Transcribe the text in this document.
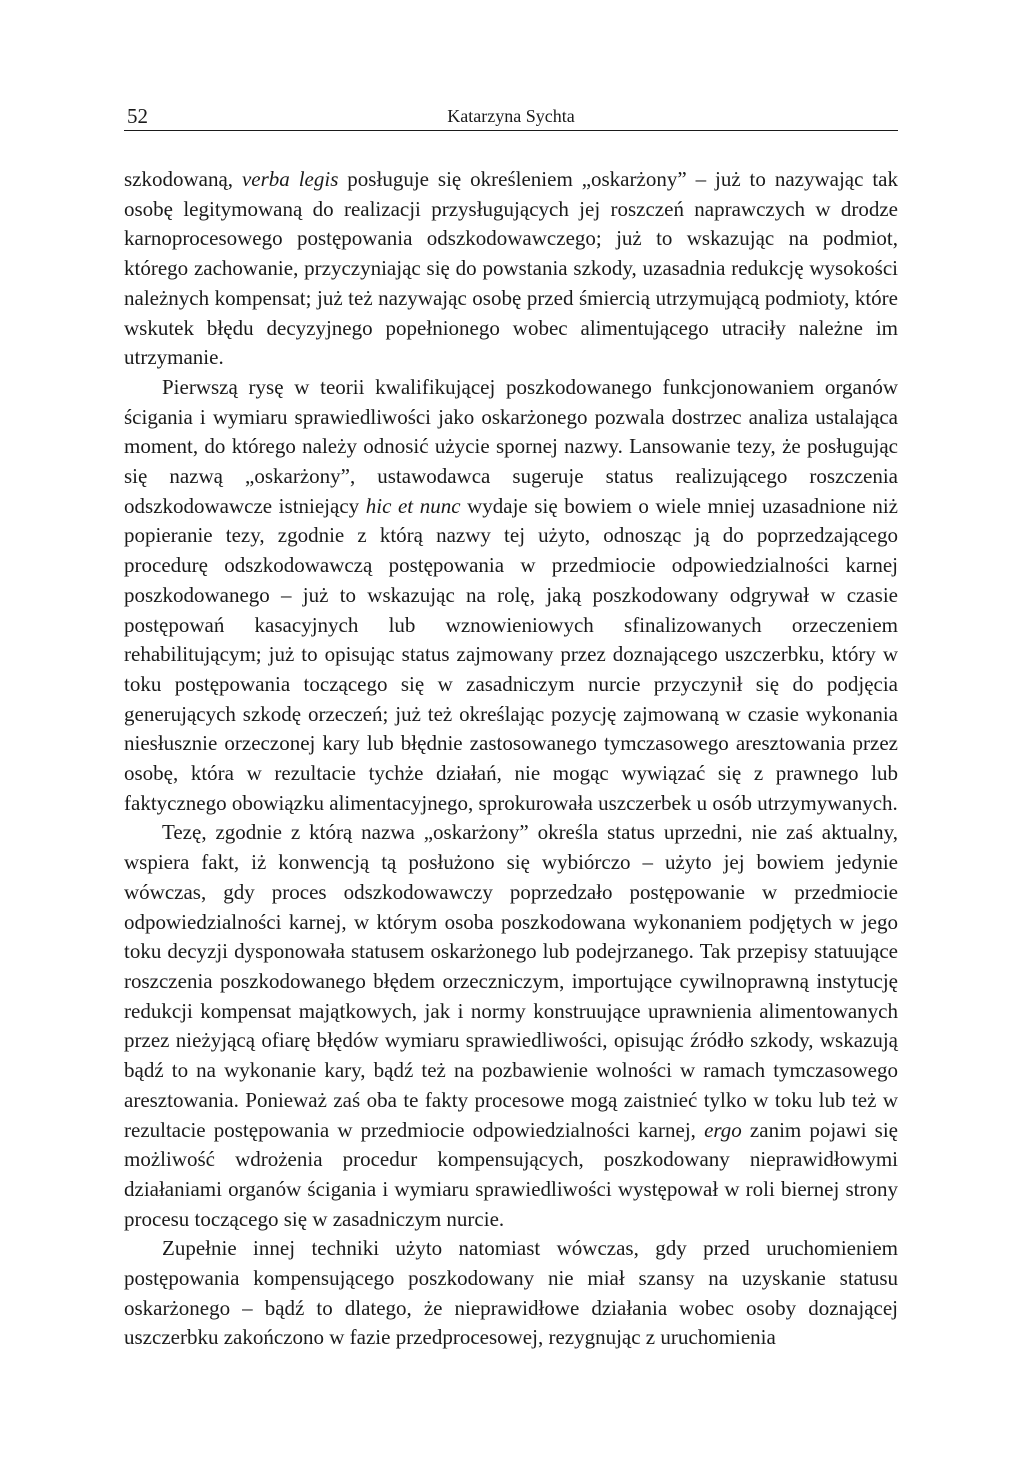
52	Katarzyna Sychta

szkodowaną, verba legis posługuje się określeniem „oskarżony” – już to nazywając tak osobę legitymowaną do realizacji przysługujących jej roszczeń naprawczych w drodze karnoprocesowego postępowania odszkodowawczego; już to wskazując na podmiot, którego zachowanie, przyczyniając się do powstania szkody, uzasadnia redukcję wysokości należnych kompensat; już też nazywając osobę przed śmiercią utrzymującą podmioty, które wskutek błędu decyzyjnego popełnionego wobec alimentującego utraciły należne im utrzymanie.

Pierwszą rysę w teorii kwalifikującej poszkodowanego funkcjonowaniem organów ścigania i wymiaru sprawiedliwości jako oskarżonego pozwala dostrzec analiza ustalająca moment, do którego należy odnosić użycie spornej nazwy. Lansowanie tezy, że posługując się nazwą „oskarżony”, ustawodawca sugeruje status realizującego roszczenia odszkodowawcze istniejący hic et nunc wydaje się bowiem o wiele mniej uzasadnione niż popieranie tezy, zgodnie z którą nazwy tej użyto, odnosząc ją do poprzedzającego procedurę odszkodowawczą postępowania w przedmiocie odpowiedzialności karnej poszkodowanego – już to wskazując na rolę, jaką poszkodowany odgrywał w czasie postępowań kasacyjnych lub wznowieniowych sfinalizowanych orzeczeniem rehabilitującym; już to opisując status zajmowany przez doznającego uszczerbku, który w toku postępowania toczącego się w zasadniczym nurcie przyczynił się do podjęcia generujących szkodę orzeczeń; już też określając pozycję zajmowaną w czasie wykonania niesłusznie orzeczonej kary lub błędnie zastosowanego tymczasowego aresztowania przez osobę, która w rezultacie tychże działań, nie mogąc wywiązać się z prawnego lub faktycznego obowiązku alimentacyjnego, sprokurowała uszczerbek u osób utrzymywanych.

Tezę, zgodnie z którą nazwa „oskarżony” określa status uprzedni, nie zaś aktualny, wspiera fakt, iż konwencją tą posłużono się wybiórczo – użyto jej bowiem jedynie wówczas, gdy proces odszkodowawczy poprzedzało postępowanie w przedmiocie odpowiedzialności karnej, w którym osoba poszkodowana wykonaniem podjętych w jego toku decyzji dysponowała statusem oskarżonego lub podejrzanego. Tak przepisy statuujące roszczenia poszkodowanego błędem orzeczniczym, importujące cywilnoprawną instytucję redukcji kompensat majątkowych, jak i normy konstruujące uprawnienia alimentowanych przez nieżyjącą ofiarę błędów wymiaru sprawiedliwości, opisując źródło szkody, wskazują bądź to na wykonanie kary, bądź też na pozbawienie wolności w ramach tymczasowego aresztowania. Ponieważ zaś oba te fakty procesowe mogą zaistnieć tylko w toku lub też w rezultacie postępowania w przedmiocie odpowiedzialności karnej, ergo zanim pojawi się możliwość wdrożenia procedur kompensujących, poszkodowany nieprawidłowymi działaniami organów ścigania i wymiaru sprawiedliwości występował w roli biernej strony procesu toczącego się w zasadniczym nurcie.

Zupełnie innej techniki użyto natomiast wówczas, gdy przed uruchomieniem postępowania kompensującego poszkodowany nie miał szansy na uzyskanie statusu oskarżonego – bądź to dlatego, że nieprawidłowe działania wobec osoby doznającej uszczerbku zakończono w fazie przedprocesowej, rezygnując z uruchomienia
